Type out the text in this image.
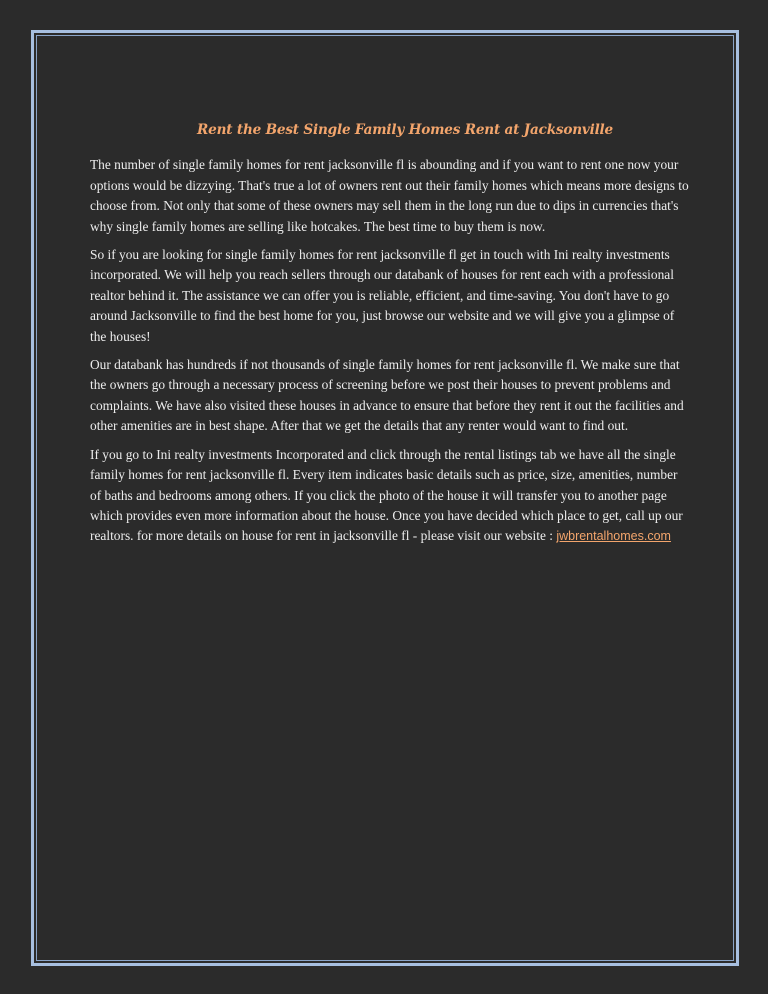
Rent the Best Single Family Homes Rent at Jacksonville

The number of single family homes for rent jacksonville fl is abounding and if you want to rent one now your options would be dizzying. That's true a lot of owners rent out their family homes which means more designs to choose from. Not only that some of these owners may sell them in the long run due to dips in currencies that's why single family homes are selling like hotcakes. The best time to buy them is now.

So if you are looking for single family homes for rent jacksonville fl get in touch with Ini realty investments incorporated. We will help you reach sellers through our databank of houses for rent each with a professional realtor behind it. The assistance we can offer you is reliable, efficient, and time-saving. You don't have to go around Jacksonville to find the best home for you, just browse our website and we will give you a glimpse of the houses!

Our databank has hundreds if not thousands of single family homes for rent jacksonville fl. We make sure that the owners go through a necessary process of screening before we post their houses to prevent problems and complaints. We have also visited these houses in advance to ensure that before they rent it out the facilities and other amenities are in best shape. After that we get the details that any renter would want to find out.

If you go to Ini realty investments Incorporated and click through the rental listings tab we have all the single family homes for rent jacksonville fl. Every item indicates basic details such as price, size, amenities, number of baths and bedrooms among others. If you click the photo of the house it will transfer you to another page which provides even more information about the house. Once you have decided which place to get, call up our realtors. for more details on house for rent in jacksonville fl - please visit our website : jwbrentalhomes.com
